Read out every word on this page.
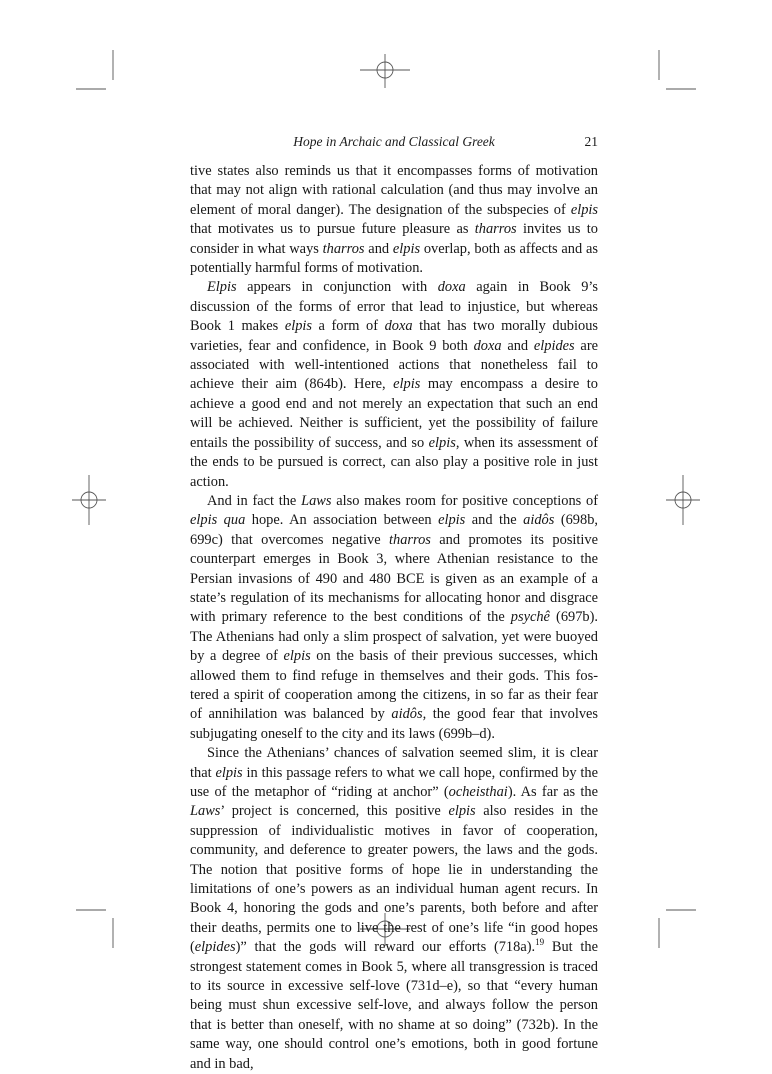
Hope in Archaic and Classical Greek	21

tive states also reminds us that it encompasses forms of motivation that may not align with rational calculation (and thus may involve an element of moral danger). The designation of the subspecies of elpis that motivates us to pursue future pleasure as tharros invites us to consider in what ways tharros and elpis overlap, both as affects and as potentially harmful forms of motivation.

Elpis appears in conjunction with doxa again in Book 9’s discussion of the forms of error that lead to injustice, but whereas Book 1 makes elpis a form of doxa that has two morally dubious varieties, fear and confidence, in Book 9 both doxa and elpides are associated with well-intentioned actions that nonetheless fail to achieve their aim (864b). Here, elpis may encompass a desire to achieve a good end and not merely an expectation that such an end will be achieved. Neither is sufficient, yet the possibility of failure entails the possibility of success, and so elpis, when its assessment of the ends to be pursued is correct, can also play a positive role in just action.

And in fact the Laws also makes room for positive conceptions of elpis qua hope. An association between elpis and the aidôs (698b, 699c) that overcomes negative tharros and promotes its positive counterpart emerges in Book 3, where Athenian resistance to the Persian invasions of 490 and 480 BCE is given as an example of a state’s regulation of its mechanisms for allocating honor and disgrace with primary reference to the best conditions of the psychê (697b). The Athenians had only a slim prospect of salvation, yet were buoyed by a degree of elpis on the basis of their previous successes, which allowed them to find refuge in themselves and their gods. This fostered a spirit of cooperation among the citizens, in so far as their fear of annihilation was balanced by aidôs, the good fear that involves subjugating oneself to the city and its laws (699b–d).

Since the Athenians’ chances of salvation seemed slim, it is clear that elpis in this passage refers to what we call hope, confirmed by the use of the metaphor of “riding at anchor” (ocheisthai). As far as the Laws’ project is concerned, this positive elpis also resides in the suppression of individualistic motives in favor of cooperation, community, and deference to greater powers, the laws and the gods. The notion that positive forms of hope lie in understanding the limitations of one’s powers as an individual human agent recurs. In Book 4, honoring the gods and one’s parents, both before and after their deaths, permits one to live the rest of one’s life “in good hopes (elpides)” that the gods will reward our efforts (718a).$^{19}$ But the strongest statement comes in Book 5, where all transgression is traced to its source in excessive self-love (731d–e), so that “every human being must shun excessive self-love, and always follow the person that is better than oneself, with no shame at so doing” (732b). In the same way, one should control one’s emotions, both in good fortune and in bad,
